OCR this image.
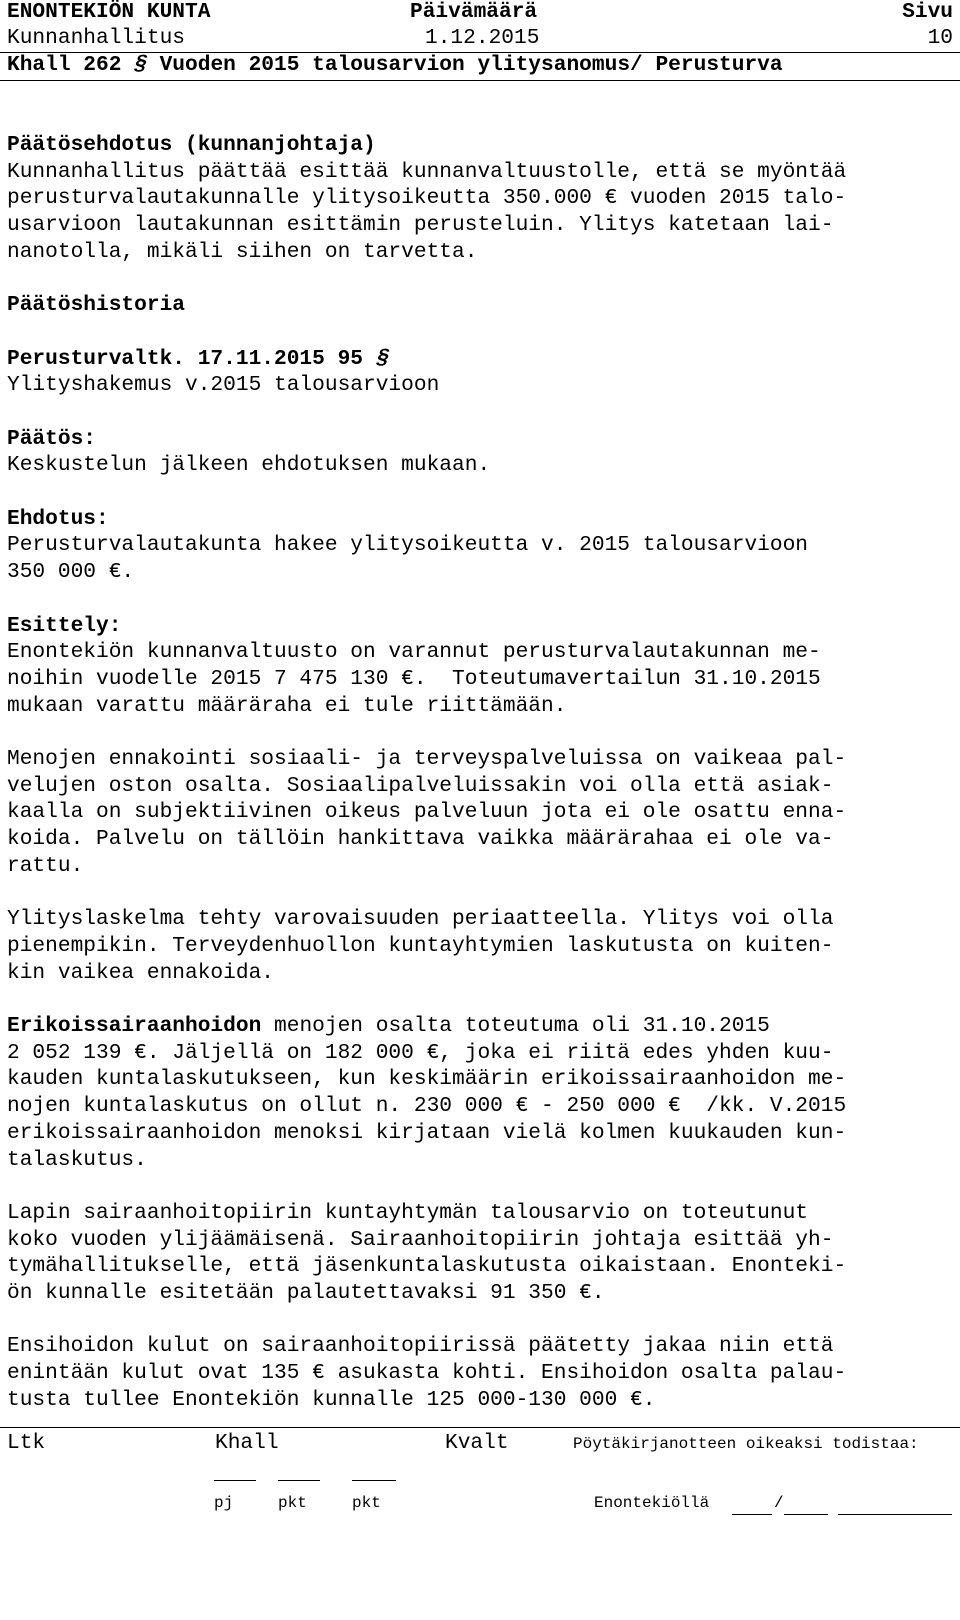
ENONTEKIÖN KUNTA

	Päivämäärä

	Sivu

Kunnanhallitus

	1.12.2015

	10

Khall 262 § Vuoden 2015 talousarvion ylitysanomus/ Perusturva

Päätösehdotus (kunnanjohtaja)

Kunnanhallitus päättää esittää kunnanvaltuustolle, että se myöntää

perusturvalautakunnalle ylitysoikeutta 350.000 € vuoden 2015 talo-

usarvioon lautakunnan esittämin perusteluin. Ylitys katetaan lai-

nanotolla, mikäli siihen on tarvetta.

Päätöshistoria

Perusturvaltk. 17.11.2015 95 §

Ylityshakemus v.2015 talousarvioon

Päätös:

Keskustelun jälkeen ehdotuksen mukaan.

Ehdotus:

Perusturvalautakunta hakee ylitysoikeutta v. 2015 talousarvioon

350 000 €.

Esittely:

Enontekiön kunnanvaltuusto on varannut perusturvalautakunnan me-

noihin vuodelle 2015 7 475 130 €.  Toteutumavertailun 31.10.2015

mukaan varattu määräraha ei tule riittämään.

Menojen ennakointi sosiaali- ja terveyspalveluissa on vaikeaa pal-

velujen oston osalta. Sosiaalipalveluissakin voi olla että asiak-

kaalla on subjektiivinen oikeus palveluun jota ei ole osattu enna-

koida. Palvelu on tällöin hankittava vaikka määrärahaa ei ole va-

rattu.

Ylityslaskelma tehty varovaisuuden periaatteella. Ylitys voi olla

pienempikin. Terveydenhuollon kuntayhtymien laskutusta on kuiten-

kin vaikea ennakoida.

Erikoissairaanhoidon menojen osalta toteutuma oli 31.10.2015

2 052 139 €. Jäljellä on 182 000 €, joka ei riitä edes yhden kuu-

kauden kuntalaskutukseen, kun keskimäärin erikoissairaanhoidon me-

nojen kuntalaskutus on ollut n. 230 000 € - 250 000 €  /kk. V.2015

erikoissairaanhoidon menoksi kirjataan vielä kolmen kuukauden kun-

talaskutus.

Lapin sairaanhoitopiirin kuntayhtymän talousarvio on toteutunut

koko vuoden ylijäämäisenä. Sairaanhoitopiirin johtaja esittää yh-

tymähallitukselle, että jäsenkuntalaskutusta oikaistaan. Enonteki-

ön kunnalle esitetään palautettavaksi 91 350 €.

Ensihoidon kulut on sairaanhoitopiirissä päätetty jakaa niin että

enintään kulut ovat 135 € asukasta kohti. Ensihoidon osalta palau-

tusta tullee Enontekiön kunnalle 125 000-130 000 €.

Ltk

	Khall

	Kvalt

	Pöytäkirjanotteen oikeaksi todistaa:

pj

	pkt

	pkt

	Enontekiöllä

	/
